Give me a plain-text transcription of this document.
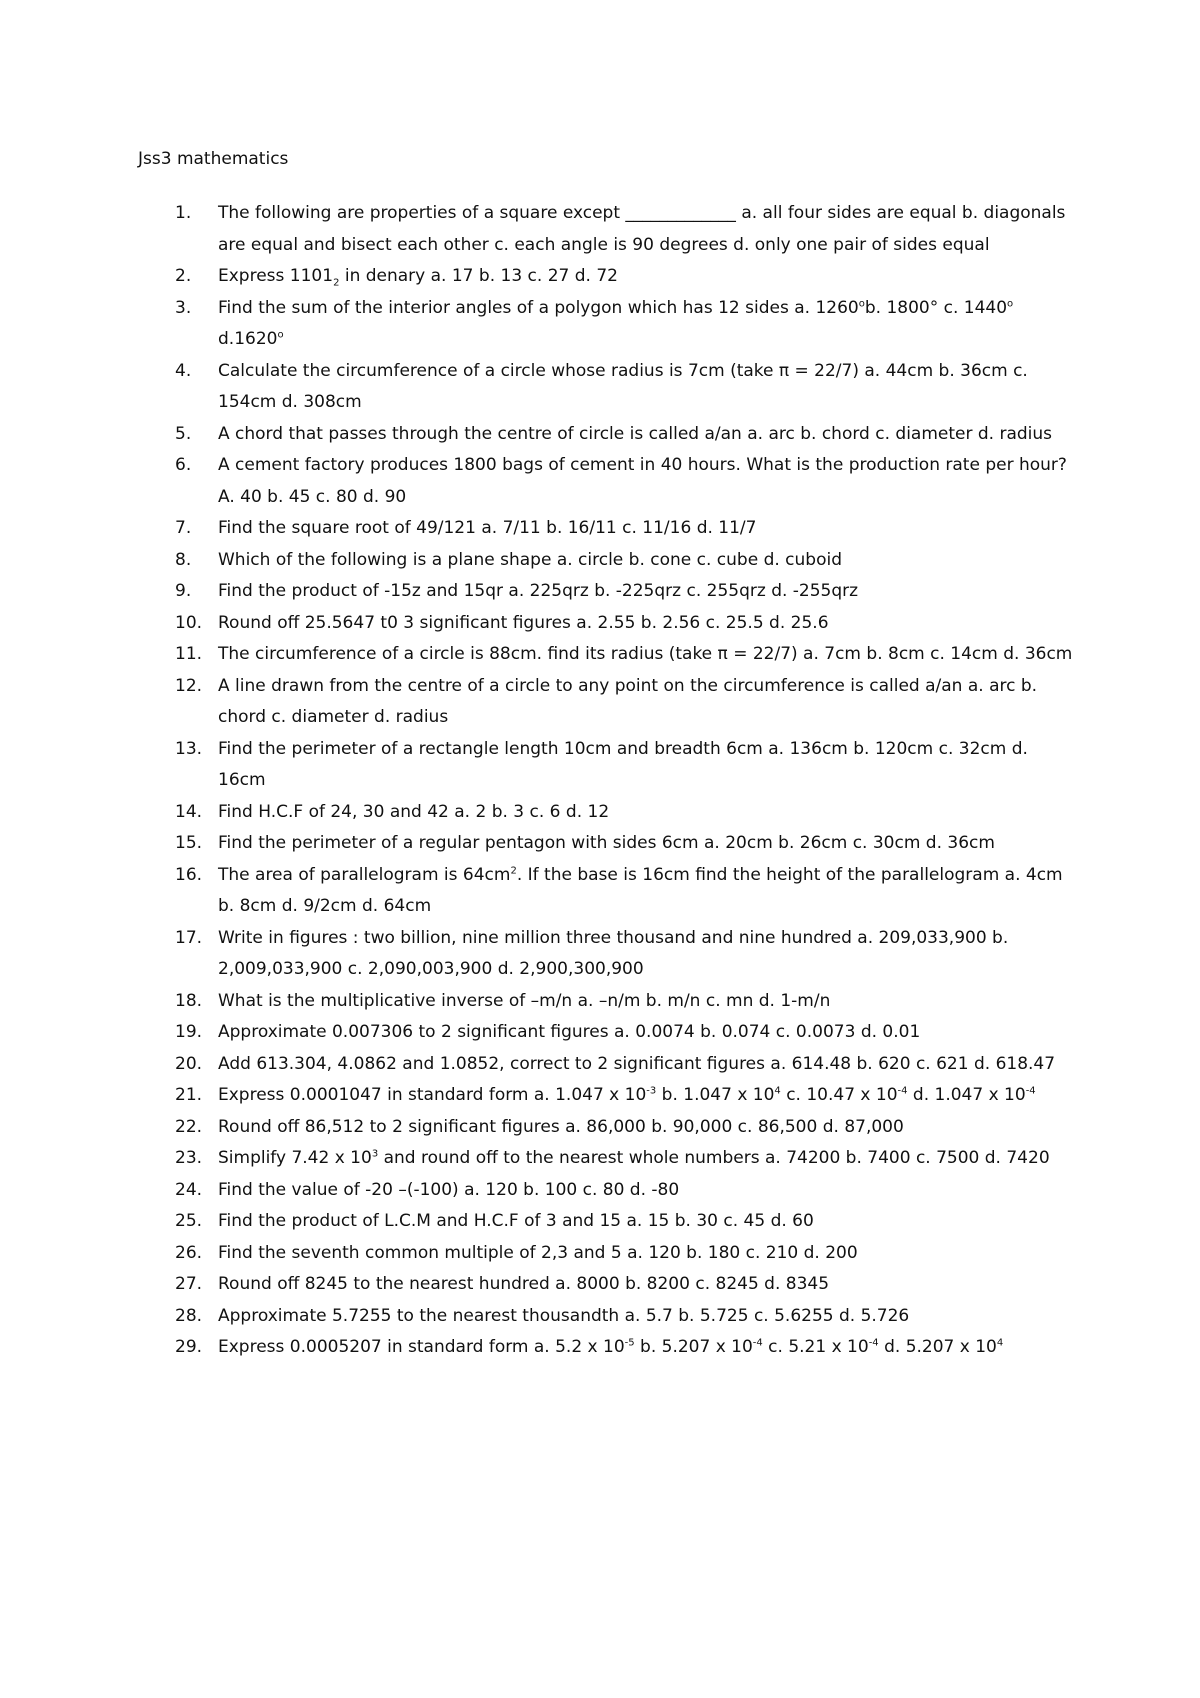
Jss3 mathematics
1. The following are properties of a square except _____________ a. all four sides are equal b. diagonals are equal and bisect each other c. each angle is 90 degrees d. only one pair of sides equal
2. Express $1101_2$ in denary a. 17 b. 13 c. 27 d. 72
3. Find the sum of the interior angles of a polygon which has 12 sides a. 1260$^o$b. 1800° c. 1440$^o$ d.1620$^o$
4. Calculate the circumference of a circle whose radius is 7cm (take π = 22/7) a. 44cm b. 36cm c. 154cm d. 308cm
5. A chord that passes through the centre of circle is called a/an a. arc b. chord c. diameter d. radius
6. A cement factory produces 1800 bags of cement in 40 hours. What is the production rate per hour? A. 40 b. 45 c. 80 d. 90
7. Find the square root of 49/121 a. 7/11 b. 16/11 c. 11/16 d. 11/7
8. Which of the following is a plane shape a. circle b. cone c. cube d. cuboid
9. Find the product of -15z and 15qr a. 225qrz b. -225qrz c. 255qrz d. -255qrz
10. Round off 25.5647 t0 3 significant figures a. 2.55 b. 2.56 c. 25.5 d. 25.6
11. The circumference of a circle is 88cm. find its radius (take π = 22/7) a. 7cm b. 8cm c. 14cm d. 36cm
12. A line drawn from the centre of a circle to any point on the circumference is called a/an a. arc b. chord c. diameter d. radius
13. Find the perimeter of a rectangle length 10cm and breadth 6cm a. 136cm b. 120cm c. 32cm d. 16cm
14. Find H.C.F of 24, 30 and 42 a. 2 b. 3 c. 6 d. 12
15. Find the perimeter of a regular pentagon with sides 6cm a. 20cm b. 26cm c. 30cm d. 36cm
16. The area of parallelogram is $64cm^2$. If the base is 16cm find the height of the parallelogram a. 4cm b. 8cm d. 9/2cm d. 64cm
17. Write in figures : two billion, nine million three thousand and nine hundred a. 209,033,900 b. 2,009,033,900 c. 2,090,003,900 d. 2,900,300,900
18. What is the multiplicative inverse of –m/n a. –n/m b. m/n c. mn d. 1-m/n
19. Approximate 0.007306 to 2 significant figures a. 0.0074 b. 0.074 c. 0.0073 d. 0.01
20. Add 613.304, 4.0862 and 1.0852, correct to 2 significant figures a. 614.48 b. 620 c. 621 d. 618.47
21. Express 0.0001047 in standard form a. 1.047 x $10^{-3}$ b. 1.047 x $10^4$ c. 10.47 x $10^{-4}$ d. 1.047 x $10^{-4}$
22. Round off 86,512 to 2 significant figures a. 86,000 b. 90,000 c. 86,500 d. 87,000
23. Simplify 7.42 x $10^3$ and round off to the nearest whole numbers a. 74200 b. 7400 c. 7500 d. 7420
24. Find the value of -20 –(-100) a. 120 b. 100 c. 80 d. -80
25. Find the product of L.C.M and H.C.F of 3 and 15 a. 15 b. 30 c. 45 d. 60
26. Find the seventh common multiple of 2,3 and 5 a. 120 b. 180 c. 210 d. 200
27. Round off 8245 to the nearest hundred a. 8000 b. 8200 c. 8245 d. 8345
28. Approximate 5.7255 to the nearest thousandth a. 5.7 b. 5.725 c. 5.6255 d. 5.726
29. Express 0.0005207 in standard form a. 5.2 x $10^{-5}$ b. 5.207 x $10^{-4}$ c. 5.21 x $10^{-4}$ d. 5.207 x $10^4$
